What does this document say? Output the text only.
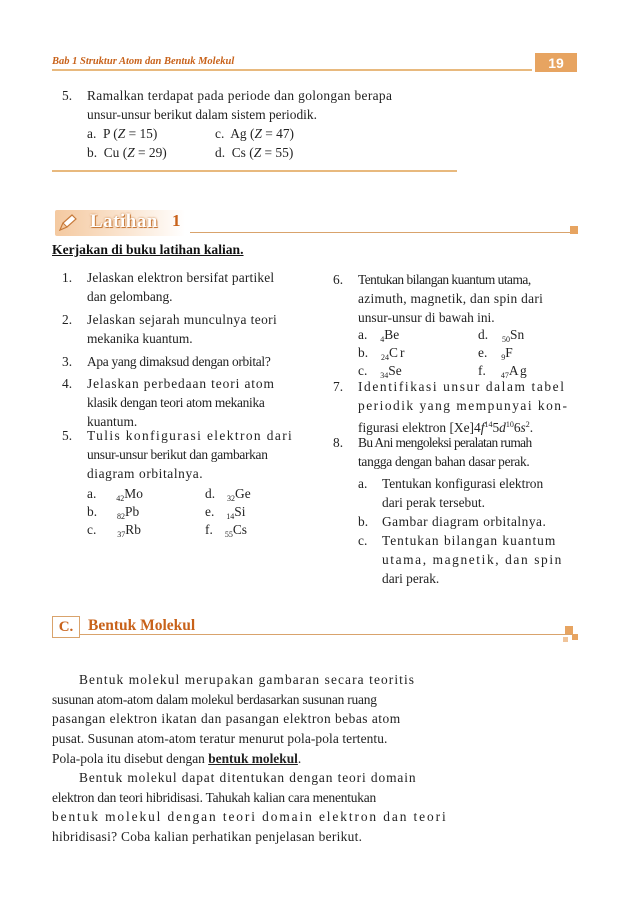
Bab 1 Struktur Atom dan Bentuk Molekul	19
5. Ramalkan terdapat pada periode dan golongan berapa
unsur-unsur berikut dalam sistem periodik.
a. P (Z = 15)
b. Cu (Z = 29)
c. Ag (Z = 47)
d. Cs (Z = 55)
Latihan 1
Kerjakan di buku latihan kalian.
1. Jelaskan elektron bersifat partikel
dan gelombang.
2. Jelaskan sejarah munculnya teori
mekanika kuantum.
3. Apa yang dimaksud dengan orbital?
4. Jelaskan perbedaan teori atom
klasik dengan teori atom mekanika
kuantum.
5. Tulis konfigurasi elektron dari
unsur-unsur berikut dan gambarkan
diagram orbitalnya.
a.	$_{42}$Mo
b.	$_{82}$Pb
c.	$_{37}$Rb
d. $_{32}$Ge
e. $_{14}$Si
f. $_{55}$Cs
6. Tentukan bilangan kuantum utama,
azimuth, magnetik, dan spin dari
unsur-unsur di bawah ini.
a. $_4$Be
b. $_{24}$Cr
c. $_{34}$Se
d. $_{50}$Sn
e. $_9$F
f. $_{47}$Ag
7. Identifikasi unsur dalam tabel
periodik yang mempunyai kon-
figurasi elektron $[Xe]4f^{14}5d^{10}6s^2$.
8. Bu Ani mengoleksi peralatan rumah
tangga dengan bahan dasar perak.
a. Tentukan konfigurasi elektron
dari perak tersebut.
b. Gambar diagram orbitalnya.
c. Tentukan bilangan kuantum
utama, magnetik, dan spin
dari perak.
C. Bentuk Molekul
Bentuk molekul merupakan gambaran secara teoritis
susunan atom-atom dalam molekul berdasarkan susunan ruang
pasangan elektron ikatan dan pasangan elektron bebas atom
pusat. Susunan atom-atom teratur menurut pola-pola tertentu.
Pola-pola itu disebut dengan bentuk molekul.
Bentuk molekul dapat ditentukan dengan teori domain
elektron dan teori hibridisasi. Tahukah kalian cara menentukan
bentuk molekul dengan teori domain elektron dan teori
hibridisasi? Coba kalian perhatikan penjelasan berikut.
